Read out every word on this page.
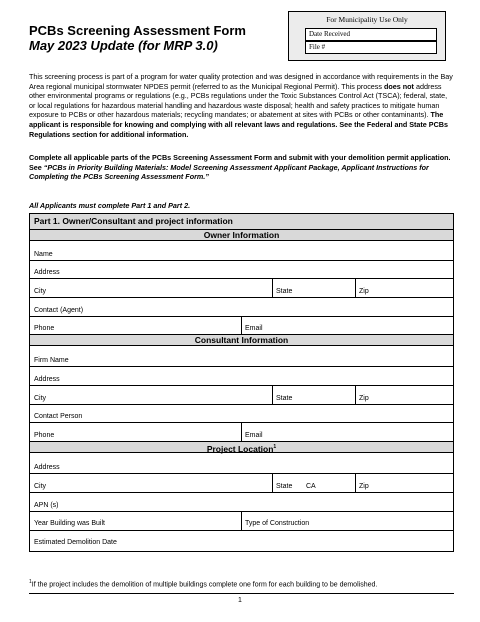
PCBs Screening Assessment Form
May 2023 Update (for MRP 3.0)
For Municipality Use Only
Date Received
File #

This screening process is part of a program for water quality protection and was designed in accordance with requirements in the Bay Area regional municipal stormwater NPDES permit (referred to as the Municipal Regional Permit). This process does not address other environmental programs or regulations (e.g., PCBs regulations under the Toxic Substances Control Act (TSCA); federal, state, or local regulations for hazardous material handling and hazardous waste disposal; health and safety practices to mitigate human exposure to PCBs or other hazardous materials; recycling mandates; or abatement at sites with PCBs or other contaminants). The applicant is responsible for knowing and complying with all relevant laws and regulations. See the Federal and State PCBs Regulations section for additional information.

Complete all applicable parts of the PCBs Screening Assessment Form and submit with your demolition permit application. See “PCBs in Priority Building Materials: Model Screening Assessment Applicant Package, Applicant Instructions for Completing the PCBs Screening Assessment Form.”

All Applicants must complete Part 1 and Part 2.
Part 1. Owner/Consultant and project information
Owner Information
Name
Address
City	State	Zip
Contact (Agent)
Phone	Email
Consultant Information
Firm Name
Address
City	State	Zip
Contact Person
Phone	Email
Project Location$^1$
Address
City	State CA	Zip
APN (s)
Year Building was Built	Type of Construction
Estimated Demolition Date
$^1$If the project includes the demolition of multiple buildings complete one form for each building to be demolished.
1
